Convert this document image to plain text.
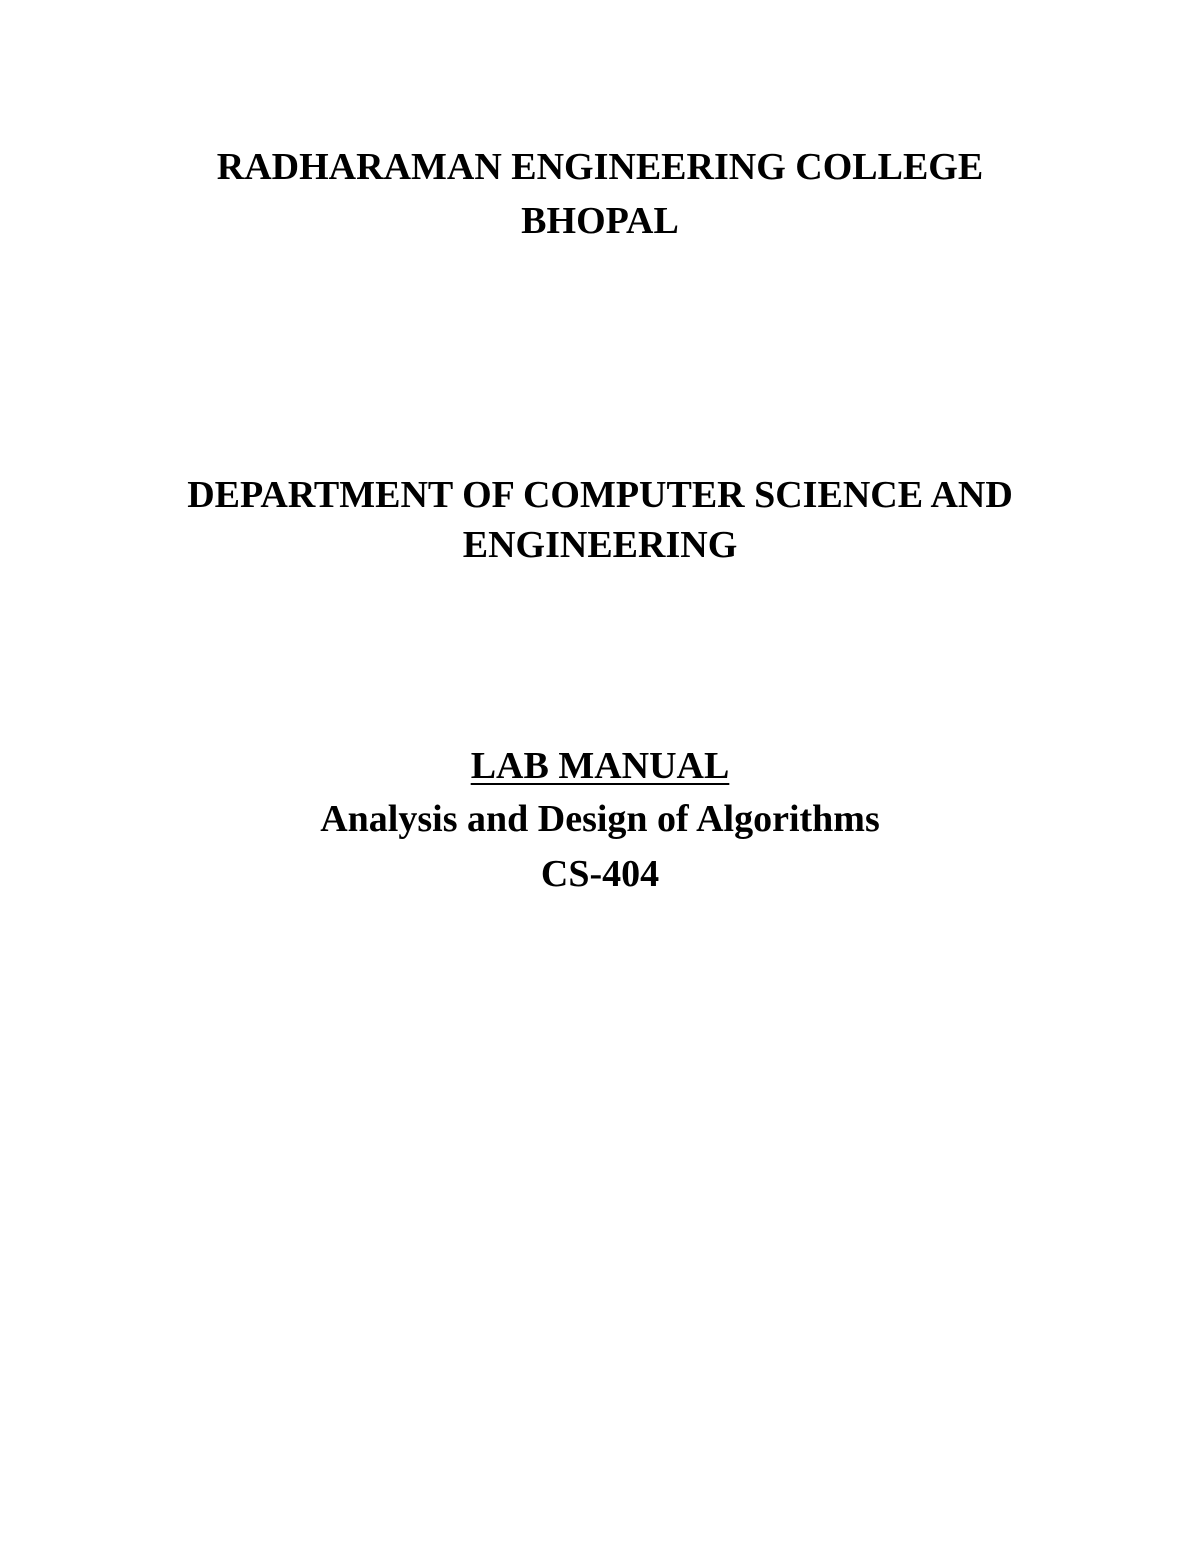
RADHARAMAN ENGINEERING COLLEGE
BHOPAL
DEPARTMENT OF COMPUTER SCIENCE AND
ENGINEERING
LAB MANUAL
Analysis and Design of Algorithms
CS-404
